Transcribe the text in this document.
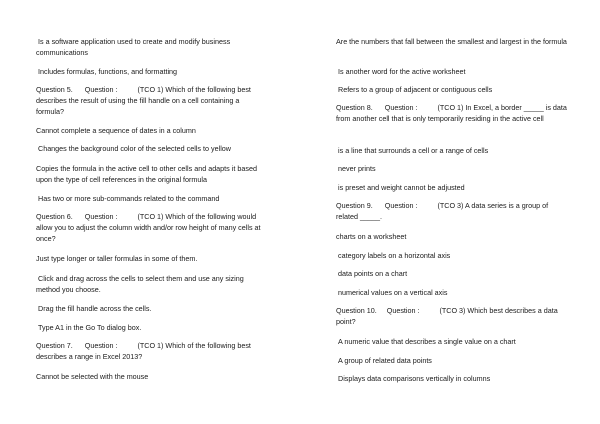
Is a software application used to create and modify business communications

Includes formulas, functions, and formatting

Question 5.      Question :          (TCO 1) Which of the following best describes the result of using the fill handle on a cell containing a formula?

Cannot complete a sequence of dates in a column

Changes the background color of the selected cells to yellow

Copies the formula in the active cell to other cells and adapts it based upon the type of cell references in the original formula

Has two or more sub-commands related to the command

Question 6.      Question :          (TCO 1) Which of the following would allow you to adjust the column width and/or row height of many cells at once?

Just type longer or taller formulas in some of them.

Click and drag across the cells to select them and use any sizing method you choose.

Drag the fill handle across the cells.

Type A1 in the Go To dialog box.

Question 7.      Question :          (TCO 1) Which of the following best describes a range in Excel 2013?

Cannot be selected with the mouse

Are the numbers that fall between the smallest and largest in the formula

Is another word for the active worksheet

Refers to a group of adjacent or contiguous cells

Question 8.      Question :          (TCO 1) In Excel, a border _____ is data from another cell that is only temporarily residing in the active cell

is a line that surrounds a cell or a range of cells

never prints

is preset and weight cannot be adjusted

Question 9.      Question :          (TCO 3) A data series is a group of related _____.

charts on a worksheet

category labels on a horizontal axis

data points on a chart

numerical values on a vertical axis

Question 10.     Question :          (TCO 3) Which best describes a data point?

A numeric value that describes a single value on a chart

A group of related data points

Displays data comparisons vertically in columns
